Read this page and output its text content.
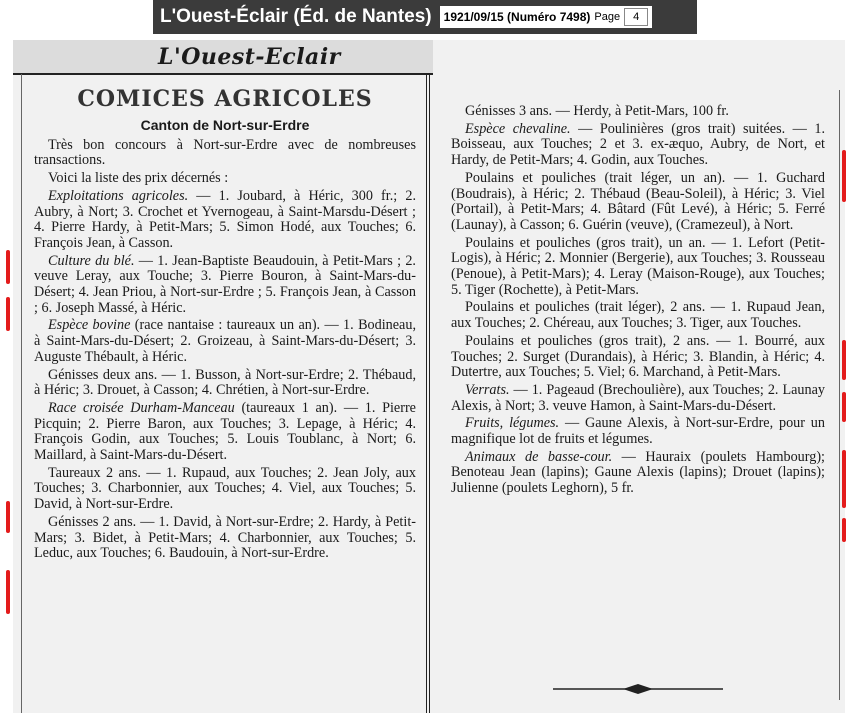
L'Ouest-Éclair (Éd. de Nantes) 1921/09/15 (Numéro 7498) Page	4
L'Ouest-Eclair
COMICES AGRICOLES
Canton de Nort-sur-Erdre

Très bon concours à Nort-sur-Erdre avec de nombreuses transactions.

Voici la liste des prix décernés :

Exploitations agricoles. — 1. Joubard, à Héric, 300 fr.; 2. Aubry, à Nort; 3. Crochet et Yvernogeau, à Saint-Marsdu-Désert ; 4. Pierre Hardy, à Petit-Mars; 5. Simon Hodé, aux Touches; 6. François Jean, à Casson.

Culture du blé. — 1. Jean-Baptiste Beaudouin, à Petit-Mars ; 2. veuve Leray, aux Touche; 3. Pierre Bouron, à Saint-Mars-du-Désert; 4. Jean Priou, à Nort-sur-Erdre ; 5. François Jean, à Casson ; 6. Joseph Massé, à Héric.

Espèce bovine (race nantaise : taureaux un an). — 1. Bodineau, à Saint-Mars-du-Désert; 2. Groizeau, à Saint-Mars-du-Désert; 3. Auguste Thébault, à Héric.

Génisses deux ans. — 1. Busson, à Nort-sur-Erdre; 2. Thébaud, à Héric; 3. Drouet, à Casson; 4. Chrétien, à Nort-sur-Erdre.

Race croisée Durham-Manceau (taureaux 1 an). — 1. Pierre Picquin; 2. Pierre Baron, aux Touches; 3. Lepage, à Héric; 4. François Godin, aux Touches; 5. Louis Toublanc, à Nort; 6. Maillard, à Saint-Mars-du-Désert.

Taureaux 2 ans. — 1. Rupaud, aux Touches; 2. Jean Joly, aux Touches; 3. Charbonnier, aux Touches; 4. Viel, aux Touches; 5. David, à Nort-sur-Erdre.

Génisses 2 ans. — 1. David, à Nort-sur-Erdre; 2. Hardy, à Petit-Mars; 3. Bidet, à Petit-Mars; 4. Charbonnier, aux Touches; 5. Leduc, aux Touches; 6. Baudouin, à Nort-sur-Erdre.

Génisses 3 ans. — Herdy, à Petit-Mars, 100 fr.

Espèce chevaline. — Poulinières (gros trait) suitées. — 1. Boisseau, aux Touches; 2 et 3. ex-æquo, Aubry, de Nort, et Hardy, de Petit-Mars; 4. Godin, aux Touches.

Poulains et pouliches (trait léger, un an). — 1. Guchard (Boudrais), à Héric; 2. Thébaud (Beau-Soleil), à Héric; 3. Viel (Portail), à Petit-Mars; 4. Bâtard (Fût Levé), à Héric; 5. Ferré (Launay), à Casson; 6. Guérin (veuve), (Cramezeul), à Nort.

Poulains et pouliches (gros trait), un an. — 1. Lefort (Petit-Logis), à Héric; 2. Monnier (Bergerie), aux Touches; 3. Rousseau (Penoue), à Petit-Mars); 4. Leray (Maison-Rouge), aux Touches; 5. Tiger (Rochette), à Petit-Mars.

Poulains et pouliches (trait léger), 2 ans. — 1. Rupaud Jean, aux Touches; 2. Chéreau, aux Touches; 3. Tiger, aux Touches.

Poulains et pouliches (gros trait), 2 ans. — 1. Bourré, aux Touches; 2. Surget (Durandais), à Héric; 3. Blandin, à Héric; 4. Dutertre, aux Touches; 5. Viel; 6. Marchand, à Petit-Mars.

Verrats. — 1. Pageaud (Brechoulière), aux Touches; 2. Launay Alexis, à Nort; 3. veuve Hamon, à Saint-Mars-du-Désert.

Fruits, légumes. — Gaune Alexis, à Nort-sur-Erdre, pour un magnifique lot de fruits et légumes.

Animaux de basse-cour. — Hauraix (poulets Hambourg); Benoteau Jean (lapins); Gaune Alexis (lapins); Drouet (lapins); Julienne (poulets Leghorn), 5 fr.
